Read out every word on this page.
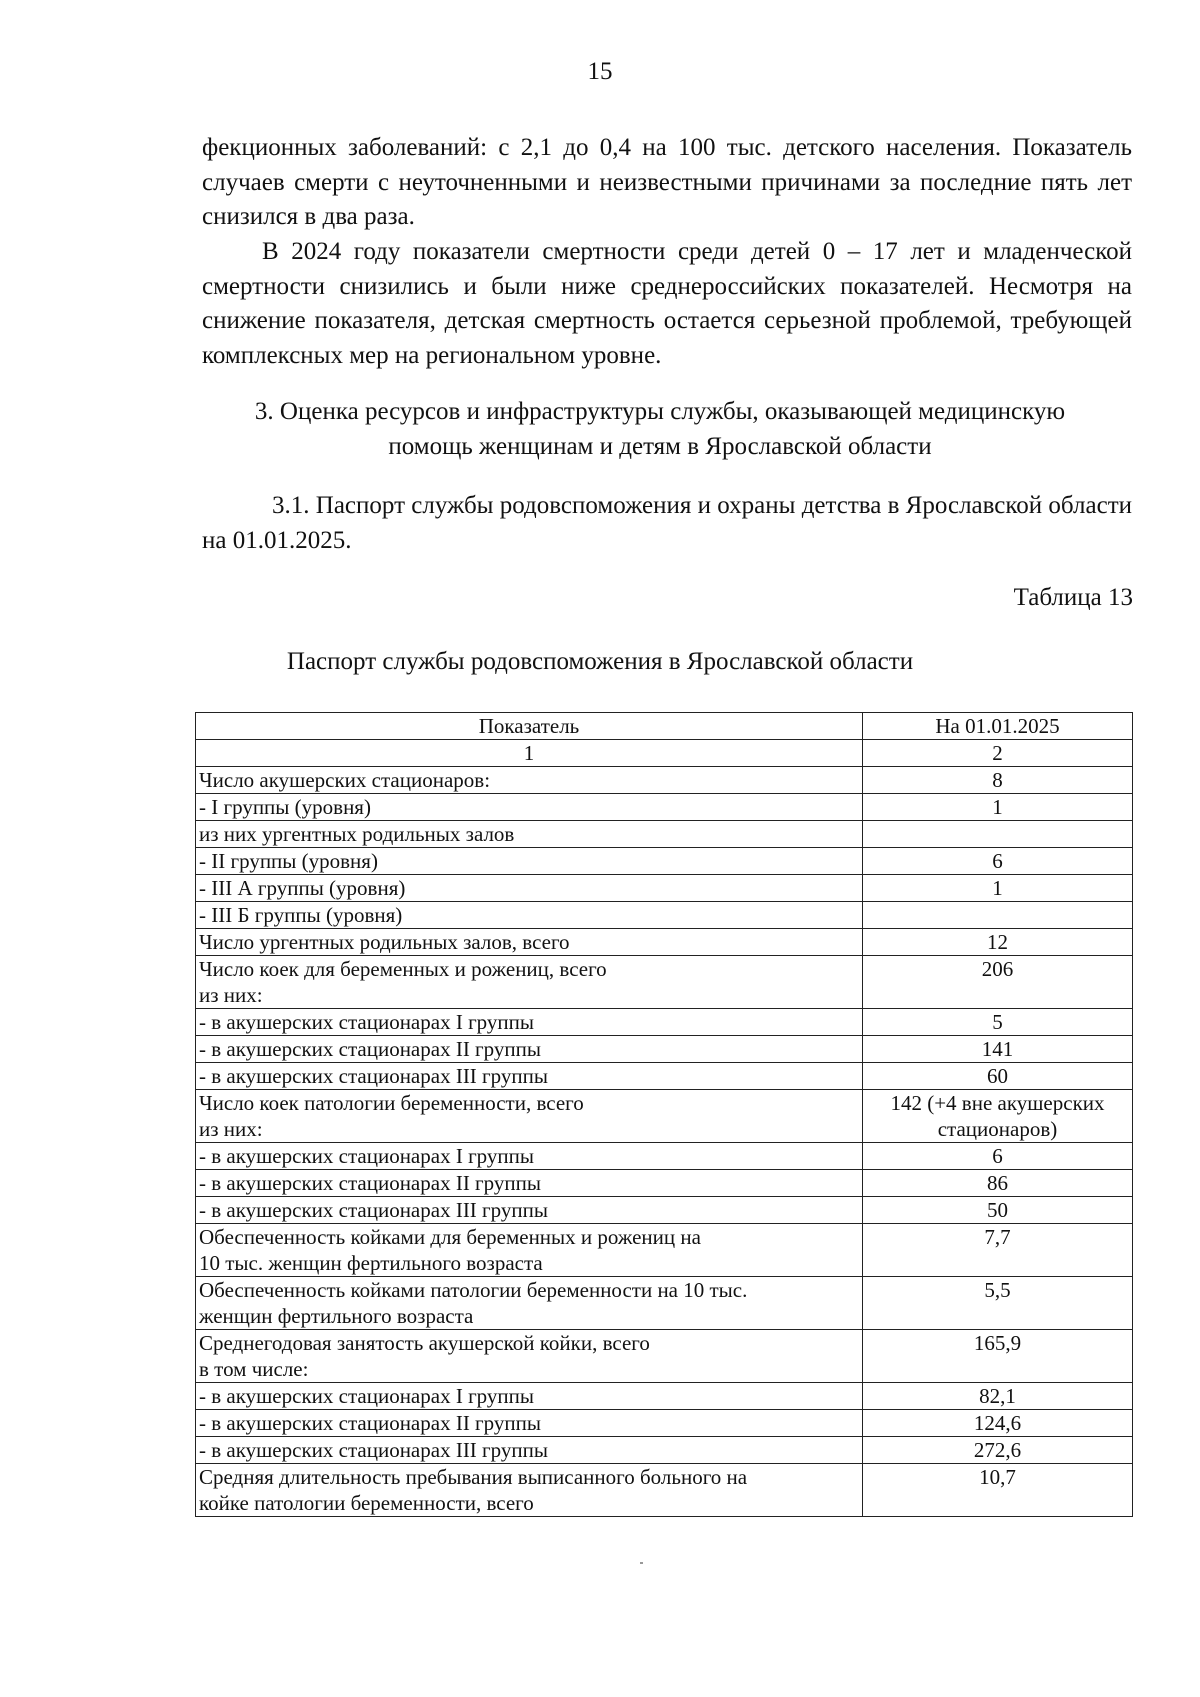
15

фекционных заболеваний: с 2,1 до 0,4 на 100 тыс. детского населения. Показатель случаев смерти с неуточненными и неизвестными причинами за последние пять лет снизился в два раза.

В 2024 году показатели смертности среди детей 0 – 17 лет и младенческой смертности снизились и были ниже среднероссийских показателей. Несмотря на снижение показателя, детская смертность остается серьезной проблемой, требующей комплексных мер на региональном уровне.

3. Оценка ресурсов и инфраструктуры службы, оказывающей медицинскую
помощь женщинам и детям в Ярославской области

3.1. Паспорт службы родовспоможения и охраны детства в Ярославской области на 01.01.2025.

Таблица 13
Паспорт службы родовспоможения в Ярославской области
Показатель	На 01.01.2025
1	2

Число акушерских стационаров:	8

- I группы (уровня)	1

из них ургентных родильных залов	

- II группы (уровня)	6

- III А группы (уровня)	1

- III Б группы (уровня)	

Число ургентных родильных залов, всего	12

Число коек для беременных и рожениц, всего
из них:	206

- в акушерских стационарах I группы	5

- в акушерских стационарах II группы	141

- в акушерских стационарах III группы	60

Число коек патологии беременности, всего
из них:	142 (+4 вне акушерских
стационаров)

- в акушерских стационарах I группы	6

- в акушерских стационарах II группы	86

- в акушерских стационарах III группы	50

Обеспеченность койками для беременных и рожениц на
10 тыс. женщин фертильного возраста	7,7

Обеспеченность койками патологии беременности на 10 тыс.
женщин фертильного возраста	5,5

Среднегодовая занятость акушерской койки, всего
в том числе:	165,9

- в акушерских стационарах I группы	82,1

- в акушерских стационарах II группы	124,6

- в акушерских стационарах III группы	272,6

Средняя длительность пребывания выписанного больного на
койке патологии беременности, всего	10,7
